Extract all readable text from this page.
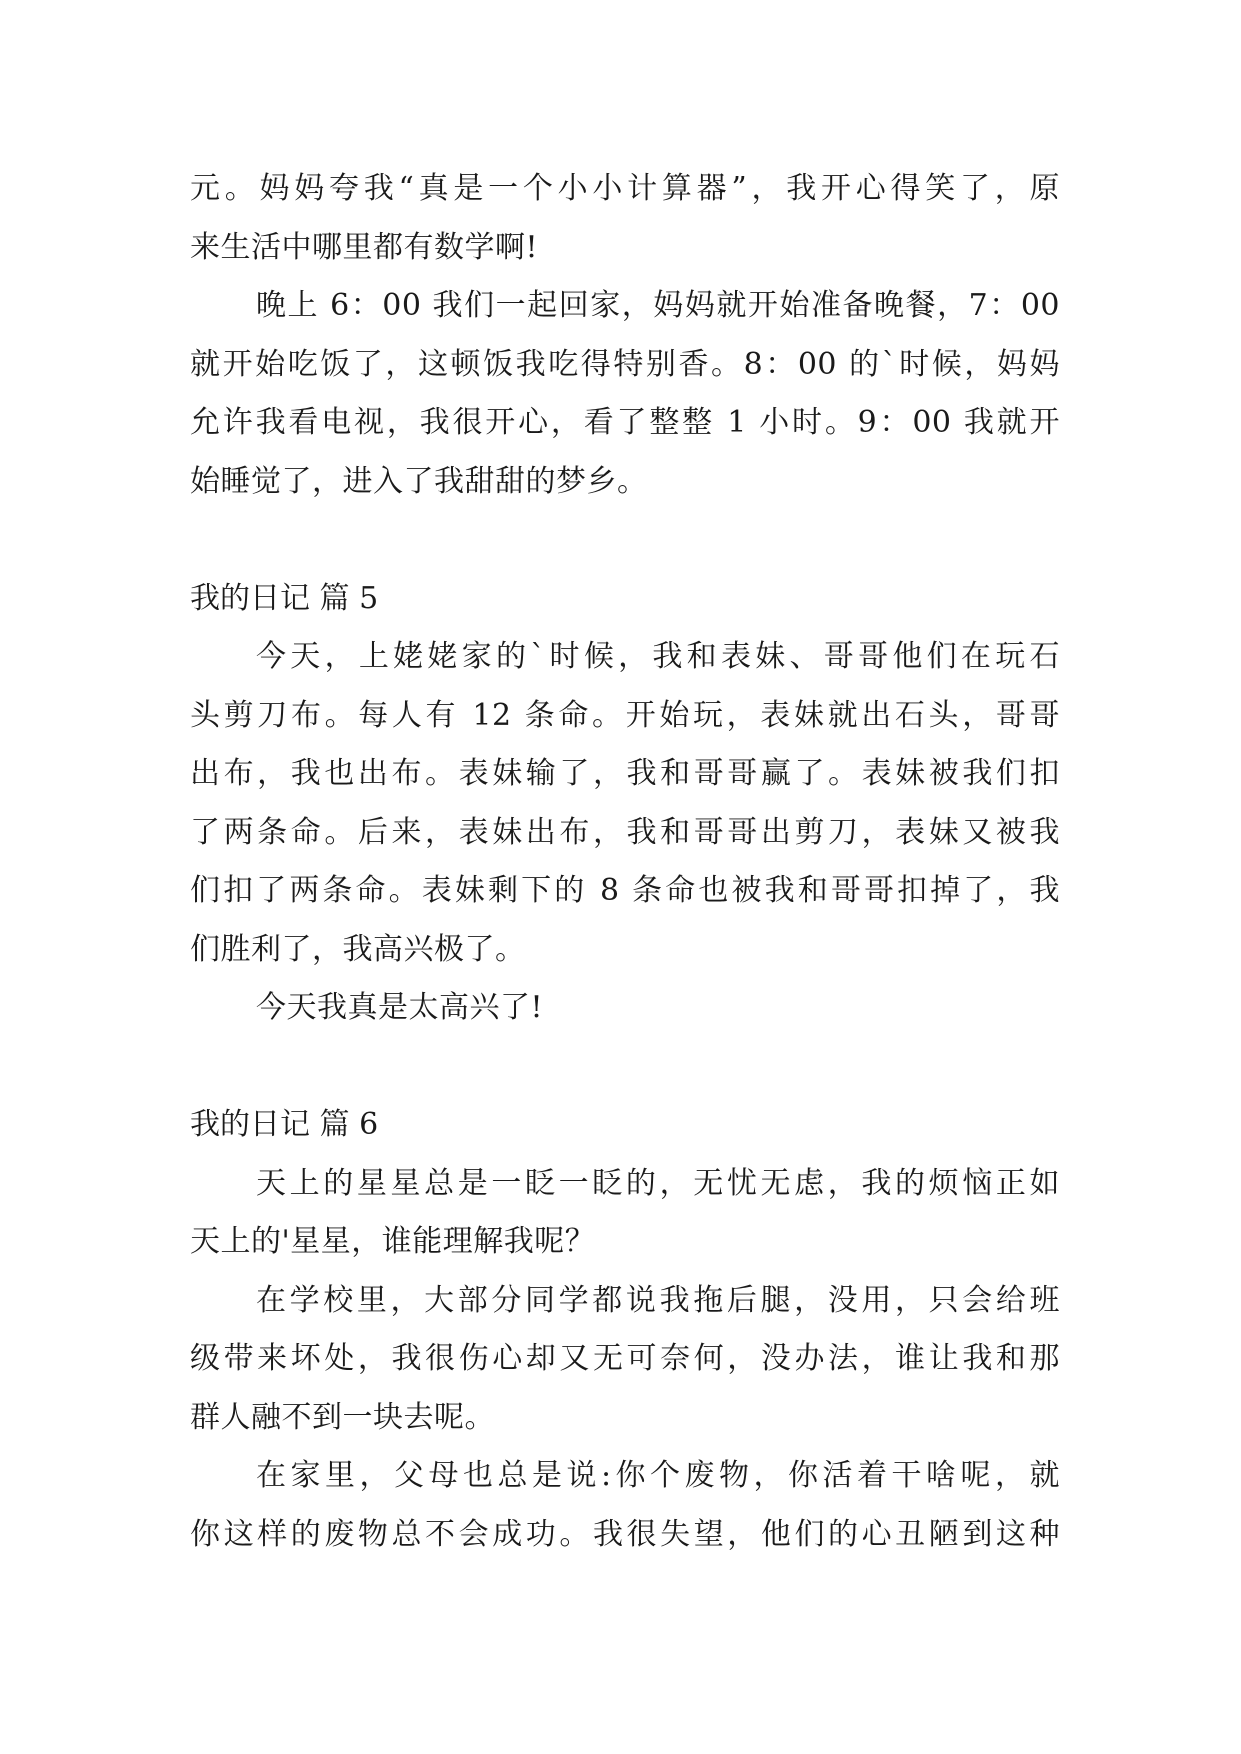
元。妈妈夸我“真是一个小小计算器”，我开心得笑了，原
来生活中哪里都有数学啊!
晚上 6：00 我们一起回家，妈妈就开始准备晚餐，7：00
就开始吃饭了，这顿饭我吃得特别香。8：00 的`时候，妈妈
允许我看电视，我很开心，看了整整 1 小时。9：00 我就开
始睡觉了，进入了我甜甜的梦乡。
我的日记 篇 5
今天，上姥姥家的`时候，我和表妹、哥哥他们在玩石
头剪刀布。每人有 12 条命。开始玩，表妹就出石头，哥哥
出布，我也出布。表妹输了，我和哥哥赢了。表妹被我们扣
了两条命。后来，表妹出布，我和哥哥出剪刀，表妹又被我
们扣了两条命。表妹剩下的 8 条命也被我和哥哥扣掉了，我
们胜利了，我高兴极了。
今天我真是太高兴了!
我的日记 篇 6
天上的星星总是一眨一眨的，无忧无虑，我的烦恼正如
天上的'星星，谁能理解我呢？
在学校里，大部分同学都说我拖后腿，没用，只会给班
级带来坏处，我很伤心却又无可奈何，没办法，谁让我和那
群人融不到一块去呢。
在家里，父母也总是说:你个废物，你活着干啥呢，就
你这样的废物总不会成功。我很失望，他们的心丑陋到这种
